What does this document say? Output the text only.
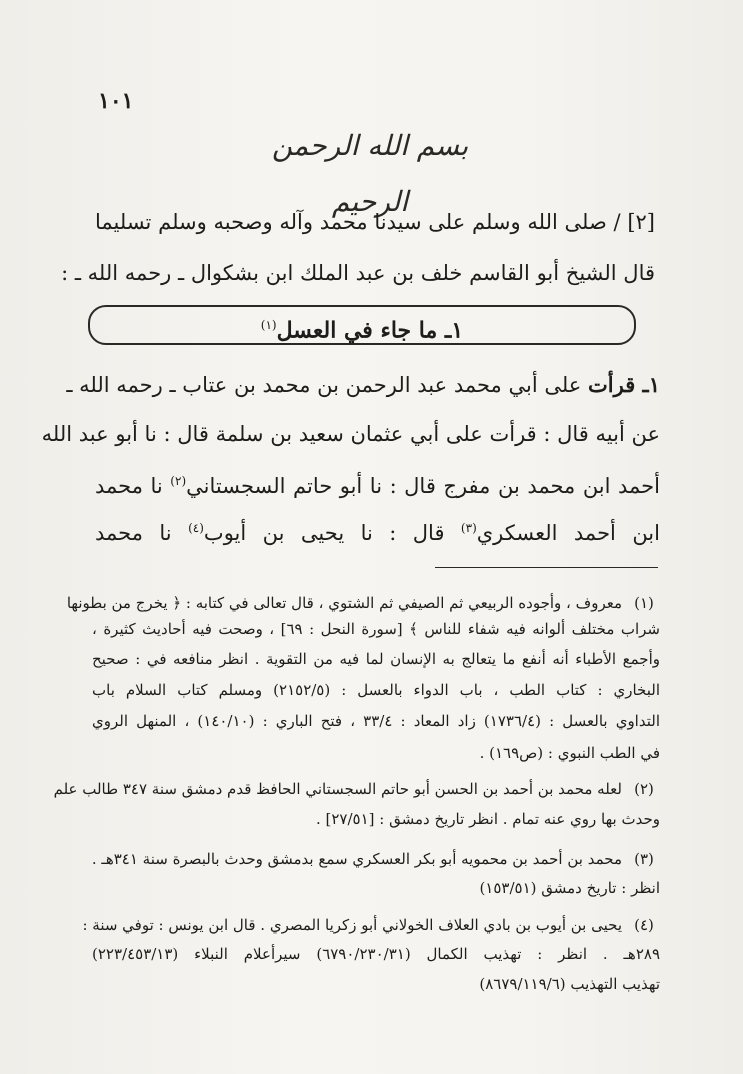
١٠١
بسم الله الرحمن الرحيم
[٢] / صلى الله وسلم على سيدنا محمد وآله وصحبه وسلم تسليما
قال الشيخ أبو القاسم خلف بن عبد الملك ابن بشكوال ـ رحمه الله ـ :
١ـ ما جاء في العسل$^{(١)}$
١ـ قرأت على أبي محمد عبد الرحمن بن محمد بن عتاب ـ رحمه الله ـ
عن أبيه قال : قرأت على أبي عثمان سعيد بن سلمة قال : نا أبو عبد الله
أحمد ابن محمد بن مفرج قال : نا أبو حاتم السجستاني$^{(٢)}$ نا محمد
ابن أحمد العسكري$^{(٣)}$ قال : نا يحيى بن أيوب$^{(٤)}$ نا محمد
(١)
معروف ، وأجوده الربيعي ثم الصيفي ثم الشتوي ، قال تعالى في كتابه : ﴿ يخرج من بطونها
شراب مختلف ألوانه فيه شفاء للناس ﴾ [سورة النحل : ٦٩] ، وصحت فيه أحاديث كثيرة ،
وأجمع الأطباء أنه أنفع ما يتعالج به الإنسان لما فيه من التقوية . انظر منافعه في : صحيح
البخاري : كتاب الطب ، باب الدواء بالعسل : (٢١٥٢/٥) ومسلم كتاب السلام باب
التداوي بالعسل : (١٧٣٦/٤) زاد المعاد : ٣٣/٤ ، فتح الباري : (١٤٠/١٠) ، المنهل الروي
في الطب النبوي : (ص١٦٩) .
(٢)
لعله محمد بن أحمد بن الحسن أبو حاتم السجستاني الحافظ قدم دمشق سنة ٣٤٧ طالب علم
وحدث بها روي عنه تمام . انظر تاريخ دمشق : [٢٧/٥١] .
(٣)
محمد بن أحمد بن محمويه أبو بكر العسكري سمع بدمشق وحدث بالبصرة سنة ٣٤١هـ .
انظر : تاريخ دمشق (١٥٣/٥١)
(٤)
يحيى بن أيوب بن بادي العلاف الخولاني أبو زكريا المصري . قال ابن يونس : توفي سنة :
٢٨٩هـ . انظر : تهذيب الكمال (٦٧٩٠/٢٣٠/٣١) سيرأعلام النبلاء (٢٢٣/٤٥٣/١٣)
تهذيب التهذيب (٨٦٧٩/١١٩/٦)
